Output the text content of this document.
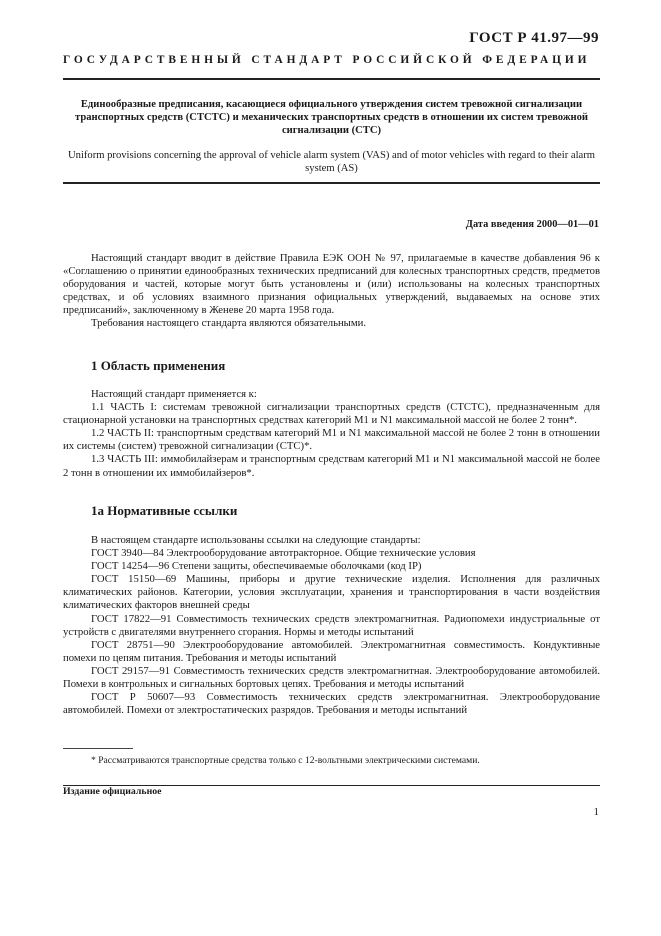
ГОСТ Р 41.97—99
ГОСУДАРСТВЕННЫЙ СТАНДАРТ РОССИЙСКОЙ ФЕДЕРАЦИИ
Единообразные предписания, касающиеся официального утверждения систем тревожной сигнализации транспортных средств (СТСТС) и механических транспортных средств в отношении их систем тревожной сигнализации (СТС)
Uniform provisions concerning the approval of vehicle alarm system (VAS) and of motor vehicles with regard to their alarm system (AS)
Дата введения 2000—01—01

Настоящий стандарт вводит в действие Правила ЕЭК ООН № 97, прилагаемые в качестве добавления 96 к «Соглашению о принятии единообразных технических предписаний для колесных транспортных средств, предметов оборудования и частей, которые могут быть установлены и (или) использованы на колесных транспортных средствах, и об условиях взаимного признания официальных утверждений, выдаваемых на основе этих предписаний», заключенному в Женеве 20 марта 1958 года.

Требования настоящего стандарта являются обязательными.

1 Область применения

Настоящий стандарт применяется к:

1.1 ЧАСТЬ I: системам тревожной сигнализации транспортных средств (СТСТС), предназначенным для стационарной установки на транспортных средствах категорий М1 и N1 максимальной массой не более 2 тонн*.

1.2 ЧАСТЬ II: транспортным средствам категорий М1 и N1 максимальной массой не более 2 тонн в отношении их системы (систем) тревожной сигнализации (СТС)*.

1.3 ЧАСТЬ III: иммобилайзерам и транспортным средствам категорий М1 и N1 максимальной массой не более 2 тонн в отношении их иммобилайзеров*.

1а Нормативные ссылки

В настоящем стандарте использованы ссылки на следующие стандарты:

ГОСТ 3940—84 Электрооборудование автотракторное. Общие технические условия

ГОСТ 14254—96 Степени защиты, обеспечиваемые оболочками (код IP)

ГОСТ 15150—69 Машины, приборы и другие технические изделия. Исполнения для различных климатических районов. Категории, условия эксплуатации, хранения и транспортирования в части воздействия климатических факторов внешней среды

ГОСТ 17822—91 Совместимость технических средств электромагнитная. Радиопомехи индустриальные от устройств с двигателями внутреннего сгорания. Нормы и методы испытаний

ГОСТ 28751—90 Электрооборудование автомобилей. Электромагнитная совместимость. Кондуктивные помехи по цепям питания. Требования и методы испытаний

ГОСТ 29157—91 Совместимость технических средств электромагнитная. Электрооборудование автомобилей. Помехи в контрольных и сигнальных бортовых цепях. Требования и методы испытаний

ГОСТ Р 50607—93 Совместимость технических средств электромагнитная. Электрооборудование автомобилей. Помехи от электростатических разрядов. Требования и методы испытаний

* Рассматриваются транспортные средства только с 12-вольтными электрическими системами.
Издание официальное
1
